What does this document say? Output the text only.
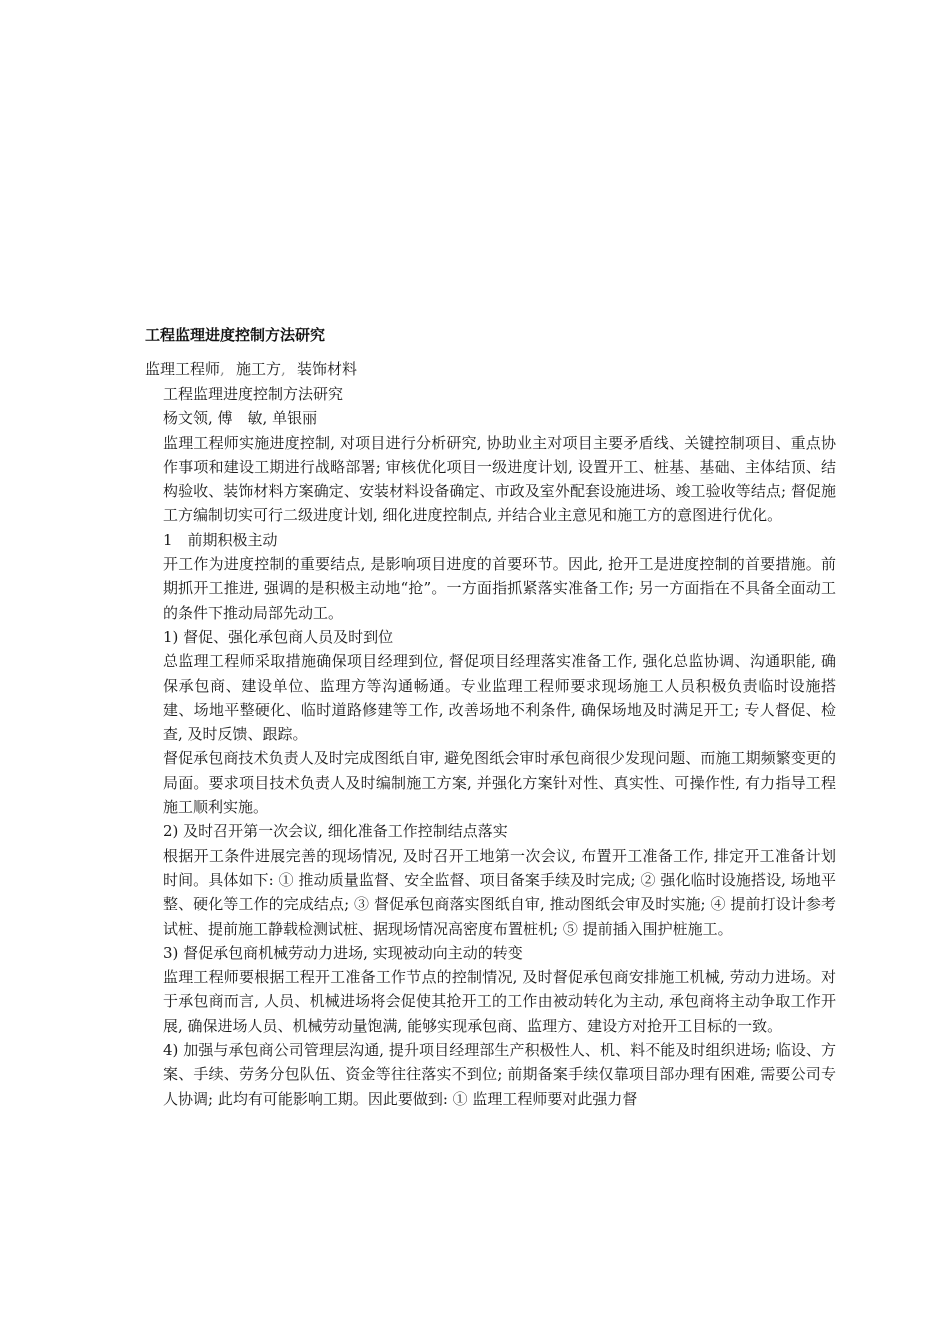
工程监理进度控制方法研究
监理工程师, 施工方, 装饰材料

工程监理进度控制方法研究

杨文领, 傅　敏, 单银丽

监理工程师实施进度控制, 对项目进行分析研究, 协助业主对项目主要矛盾线、关键控制项目、重点协作事项和建设工期进行战略部署; 审核优化项目一级进度计划, 设置开工、桩基、基础、主体结顶、结构验收、装饰材料方案确定、安装材料设备确定、市政及室外配套设施进场、竣工验收等结点; 督促施工方编制切实可行二级进度计划, 细化进度控制点, 并结合业主意见和施工方的意图进行优化。

1　前期积极主动

开工作为进度控制的重要结点, 是影响项目进度的首要环节。因此, 抢开工是进度控制的首要措施。前期抓开工推进, 强调的是积极主动地“抢”。一方面指抓紧落实准备工作; 另一方面指在不具备全面动工的条件下推动局部先动工。

1) 督促、强化承包商人员及时到位

总监理工程师采取措施确保项目经理到位, 督促项目经理落实准备工作, 强化总监协调、沟通职能, 确保承包商、建设单位、监理方等沟通畅通。专业监理工程师要求现场施工人员积极负责临时设施搭建、场地平整硬化、临时道路修建等工作, 改善场地不利条件, 确保场地及时满足开工; 专人督促、检查, 及时反馈、跟踪。

督促承包商技术负责人及时完成图纸自审, 避免图纸会审时承包商很少发现问题、而施工期频繁变更的局面。要求项目技术负责人及时编制施工方案, 并强化方案针对性、真实性、可操作性, 有力指导工程施工顺利实施。

2) 及时召开第一次会议, 细化准备工作控制结点落实

根据开工条件进展完善的现场情况, 及时召开工地第一次会议, 布置开工准备工作, 排定开工准备计划时间。具体如下: ① 推动质量监督、安全监督、项目备案手续及时完成; ② 强化临时设施搭设, 场地平整、硬化等工作的完成结点; ③ 督促承包商落实图纸自审, 推动图纸会审及时实施; ④ 提前打设计参考试桩、提前施工静载检测试桩、据现场情况高密度布置桩机; ⑤ 提前插入围护桩施工。

3) 督促承包商机械劳动力进场, 实现被动向主动的转变

监理工程师要根据工程开工准备工作节点的控制情况, 及时督促承包商安排施工机械, 劳动力进场。对于承包商而言, 人员、机械进场将会促使其抢开工的工作由被动转化为主动, 承包商将主动争取工作开展, 确保进场人员、机械劳动量饱满, 能够实现承包商、监理方、建设方对抢开工目标的一致。

4) 加强与承包商公司管理层沟通, 提升项目经理部生产积极性人、机、料不能及时组织进场; 临设、方案、手续、劳务分包队伍、资金等往往落实不到位; 前期备案手续仅靠项目部办理有困难, 需要公司专人协调; 此均有可能影响工期。因此要做到: ① 监理工程师要对此强力督
